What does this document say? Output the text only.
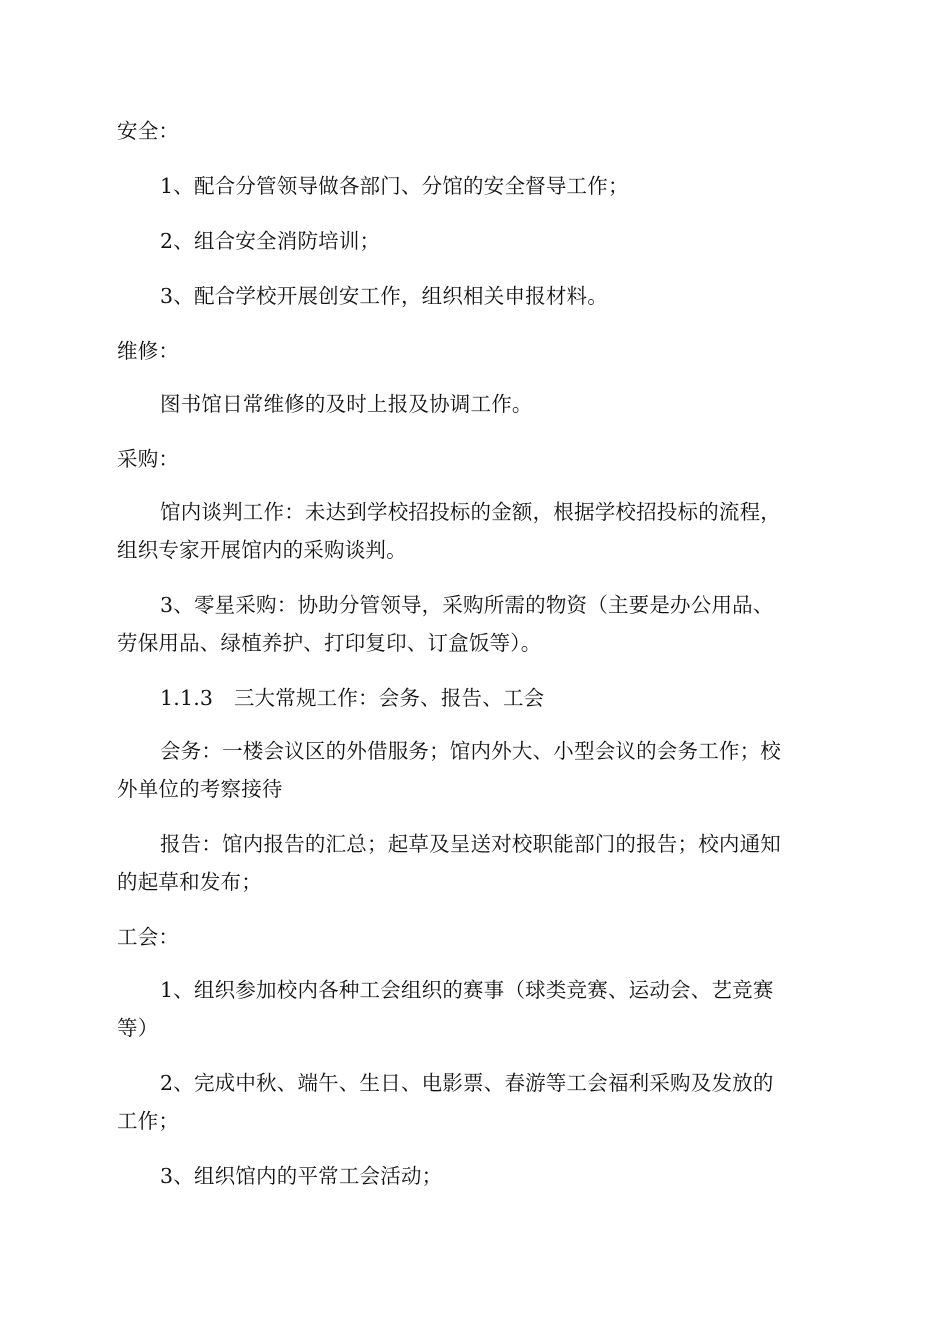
安全：
1、配合分管领导做各部门、分馆的安全督导工作；
2、组合安全消防培训；
3、配合学校开展创安工作，组织相关申报材料。
维修：
图书馆日常维修的及时上报及协调工作。
采购：
馆内谈判工作：未达到学校招投标的金额，根据学校招投标的流程，
组织专家开展馆内的采购谈判。
3、零星采购：协助分管领导，采购所需的物资（主要是办公用品、
劳保用品、绿植养护、打印复印、订盒饭等）。
1.1.3　三大常规工作：会务、报告、工会
会务：一楼会议区的外借服务；馆内外大、小型会议的会务工作；校
外单位的考察接待
报告：馆内报告的汇总；起草及呈送对校职能部门的报告；校内通知
的起草和发布；
工会：
1、组织参加校内各种工会组织的赛事（球类竞赛、运动会、艺竞赛
等）
2、完成中秋、端午、生日、电影票、春游等工会福利采购及发放的
工作；
3、组织馆内的平常工会活动；
